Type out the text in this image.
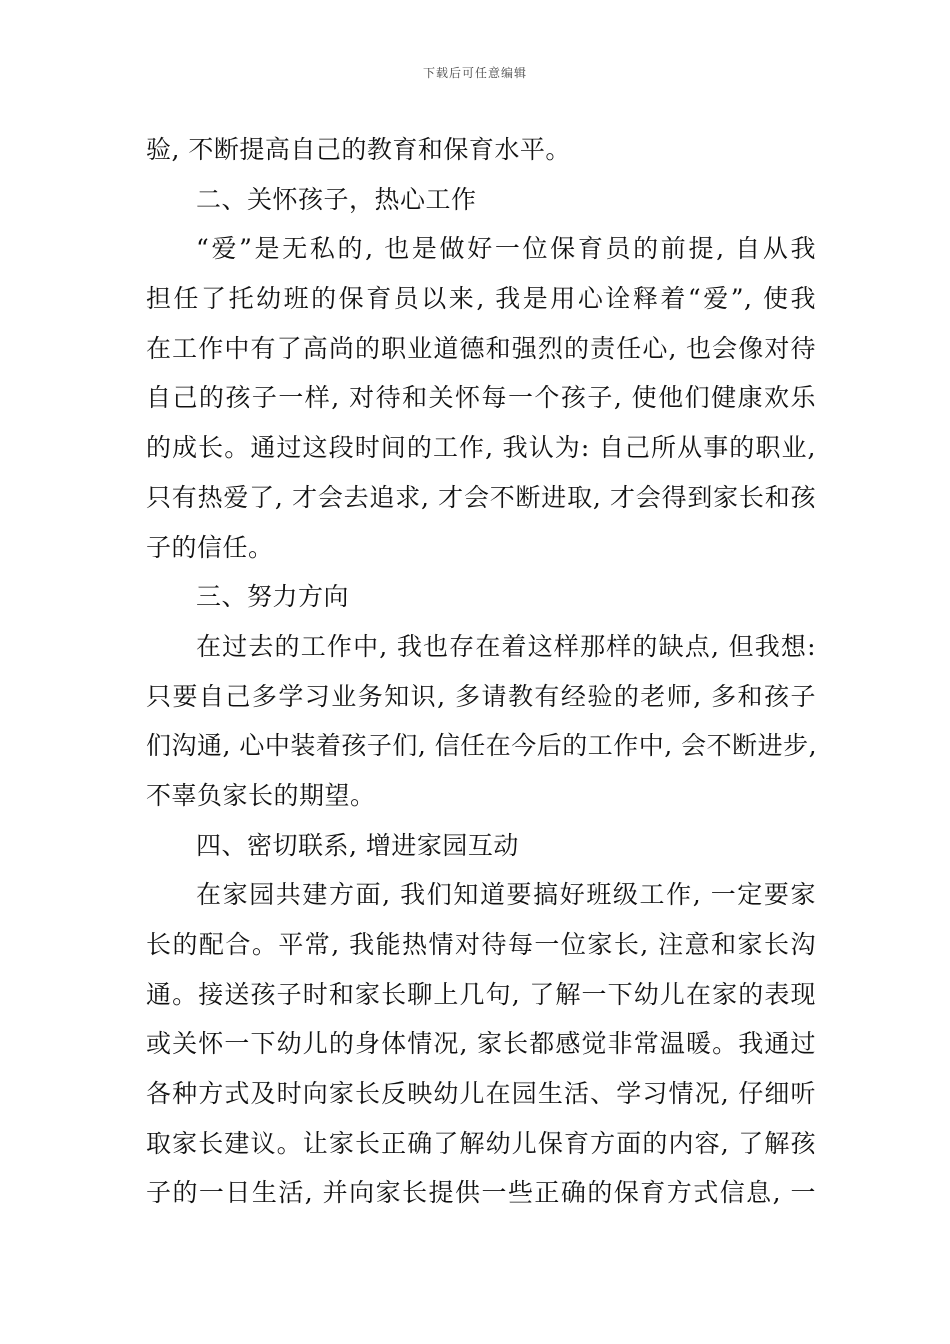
下载后可任意编辑
验, 不断提高自己的教育和保育水平。
二、关怀孩子，热心工作
“爱”是无私的, 也是做好一位保育员的前提, 自从我
担任了托幼班的保育员以来, 我是用心诠释着“爱”, 使我
在工作中有了高尚的职业道德和强烈的责任心, 也会像对待
自己的孩子一样, 对待和关怀每一个孩子, 使他们健康欢乐
的成长。通过这段时间的工作, 我认为: 自己所从事的职业,
只有热爱了, 才会去追求, 才会不断进取, 才会得到家长和孩
子的信任。
三、努力方向
在过去的工作中, 我也存在着这样那样的缺点, 但我想:
只要自己多学习业务知识, 多请教有经验的老师, 多和孩子
们沟通, 心中装着孩子们, 信任在今后的工作中, 会不断进步,
不辜负家长的期望。
四、密切联系, 增进家园互动
在家园共建方面, 我们知道要搞好班级工作, 一定要家
长的配合。平常, 我能热情对待每一位家长, 注意和家长沟
通。接送孩子时和家长聊上几句, 了解一下幼儿在家的表现
或关怀一下幼儿的身体情况, 家长都感觉非常温暖。我通过
各种方式及时向家长反映幼儿在园生活、学习情况, 仔细听
取家长建议。让家长正确了解幼儿保育方面的内容, 了解孩
子的一日生活, 并向家长提供一些正确的保育方式信息, 一
